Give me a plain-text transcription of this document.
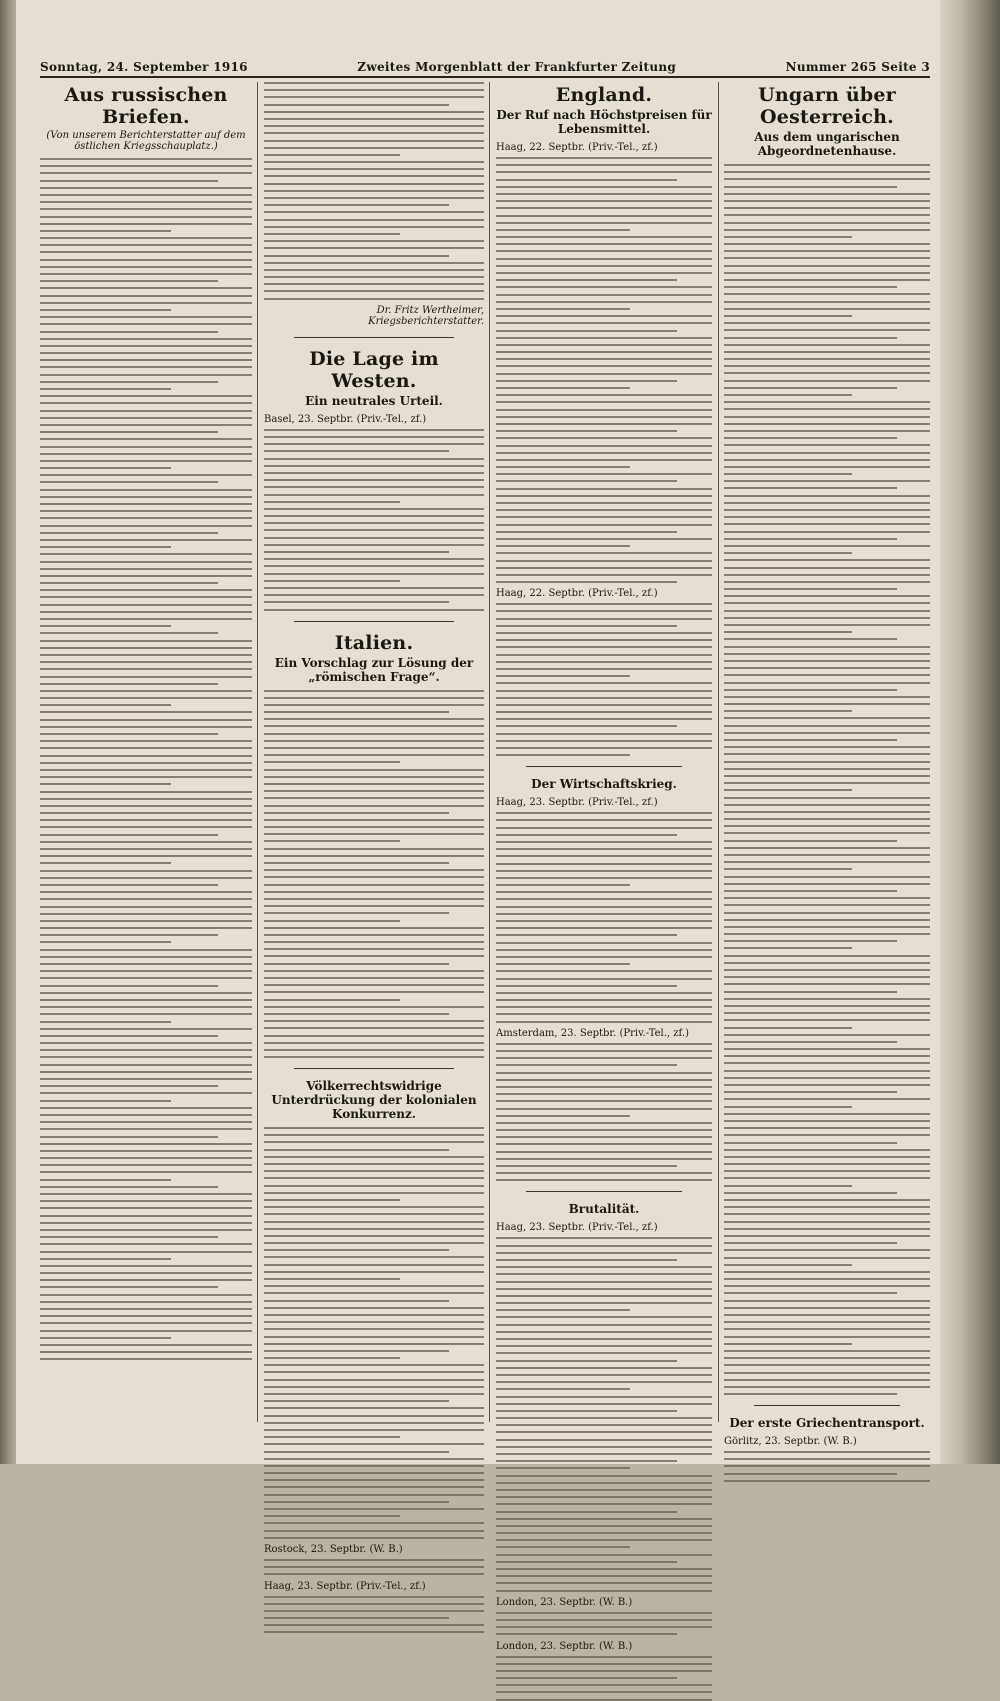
Sonntag, 24. September 1916	Zweites Morgenblatt der Frankfurter Zeitung	Nummer 265 Seite 3
Aus russischen Briefen.
(Von unserem Berichterstatter auf dem östlichen Kriegsschauplatz.)
Dr. Fritz Wertheimer, Kriegsberichterstatter.
Die Lage im Westen.
Ein neutrales Urteil.
Basel, 23. Septbr. (Priv.-Tel., zf.)
Italien.
Ein Vorschlag zur Lösung der „römischen Frage“.
Völkerrechtswidrige Unterdrückung der kolonialen Konkurrenz.
Rostock, 23. Septbr. (W. B.)
Haag, 23. Septbr. (Priv.-Tel., zf.)
England.
Der Ruf nach Höchstpreisen für Lebensmittel.
Haag, 22. Septbr. (Priv.-Tel., zf.)
Haag, 22. Septbr. (Priv.-Tel., zf.)
Der Wirtschaftskrieg.
Haag, 23. Septbr. (Priv.-Tel., zf.)
Amsterdam, 23. Septbr. (Priv.-Tel., zf.)
Brutalität.
Haag, 23. Septbr. (Priv.-Tel., zf.)
London, 23. Septbr. (W. B.)
London, 23. Septbr. (W. B.)
Ungarn über Oesterreich.
Aus dem ungarischen Abgeordnetenhause.
Der erste Griechentransport.
Görlitz, 23. Septbr. (W. B.)
